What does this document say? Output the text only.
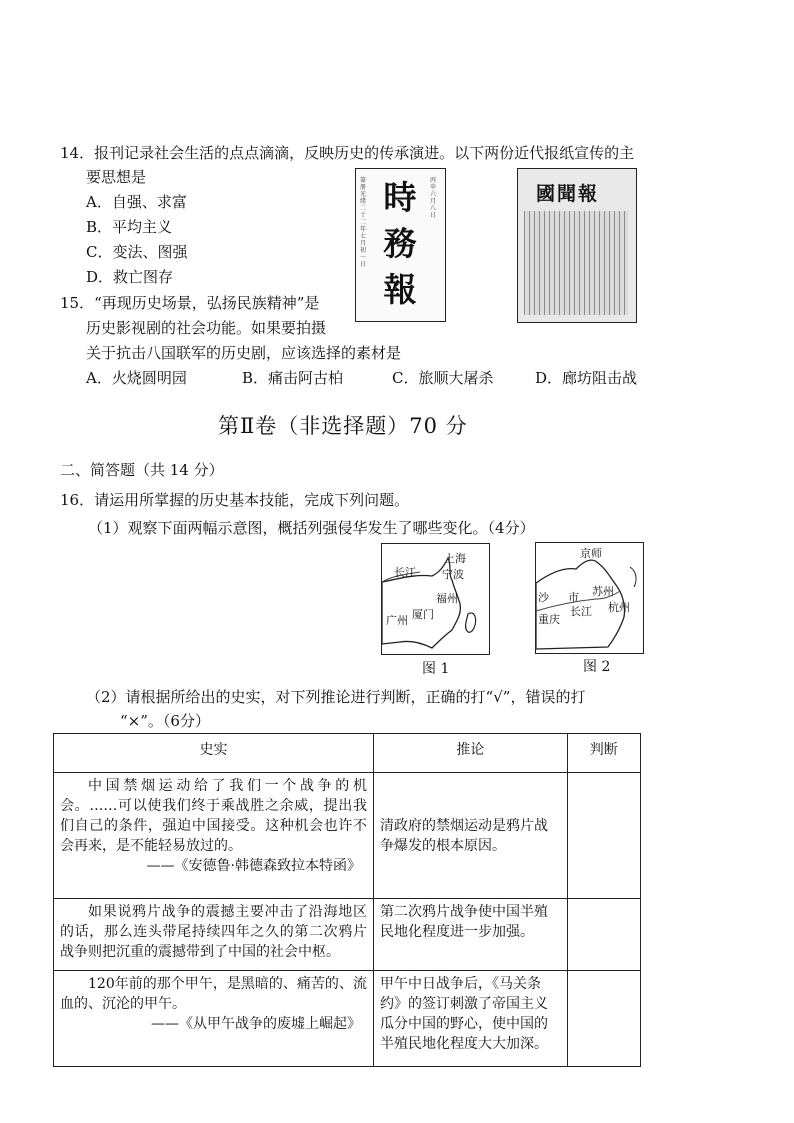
14．报刊记录社会生活的点点滴滴，反映历史的传承演进。以下两份近代报纸宣传的主
要思想是
A．自强、求富
B．平均主义
C．变法、图强
D．救亡图存
第册 光绪二十二年七月初一日
時
務
報
丙申 六月 八日
國聞報
15．“再现历史场景，弘扬民族精神”是
历史影视剧的社会功能。如果要拍摄
关于抗击八国联军的历史剧，应该选择的素材是
A．火烧圆明园	B．痛击阿古柏	C．旅顺大屠杀	D．廊坊阻击战
第Ⅱ卷（非选择题）70 分
二、简答题（共 14 分）
16．请运用所掌握的历史基本技能，完成下列问题。
（1）观察下面两幅示意图，概括列强侵华发生了哪些变化。（4分）
长江
上海
宁波
福州
广州 厦门
图 1
京师
沙 市 苏州
杭州
长江
重庆
图 2
（2）请根据所给出的史实，对下列推论进行判断，正确的打“√”，错误的打
“×”。（6分）
史实	推论	判断

中国禁烟运动给了我们一个战争的机会。……可以使我们终于乘战胜之余威，提出我们自己的条件，强迫中国接受。这种机会也许不会再来，是不能轻易放过的。
——《安德鲁·韩德森致拉本特函》	清政府的禁烟运动是鸦片战争爆发的根本原因。	

如果说鸦片战争的震撼主要冲击了沿海地区的话，那么连头带尾持续四年之久的第二次鸦片战争则把沉重的震撼带到了中国的社会中枢。	第二次鸦片战争使中国半殖民地化程度进一步加强。	

120年前的那个甲午，是黑暗的、痛苦的、流血的、沉沦的甲午。
——《从甲午战争的废墟上崛起》	甲午中日战争后，《马关条约》的签订刺激了帝国主义瓜分中国的野心，使中国的半殖民地化程度大大加深。	
